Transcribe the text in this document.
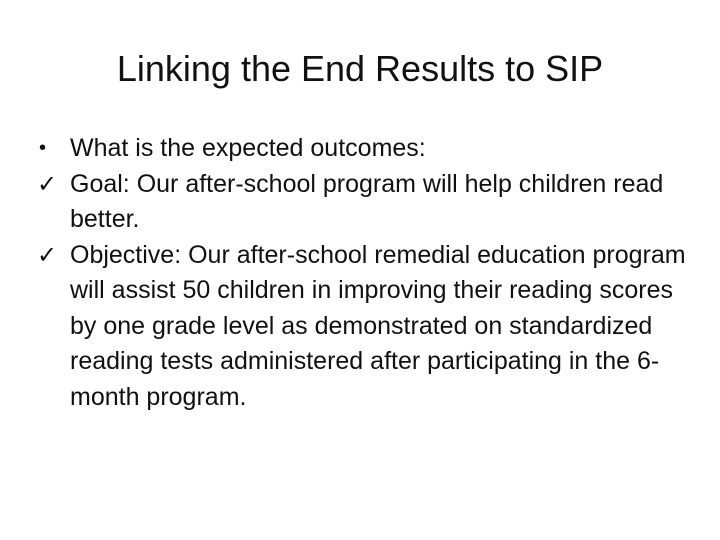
Linking the End Results to SIP

• What is the expected outcomes:

✓ Goal: Our after-school program will help children read better.

✓ Objective: Our after-school remedial education program will assist 50 children in improving their reading scores by one grade level as demonstrated on standardized reading tests administered after participating in the 6-month program.
